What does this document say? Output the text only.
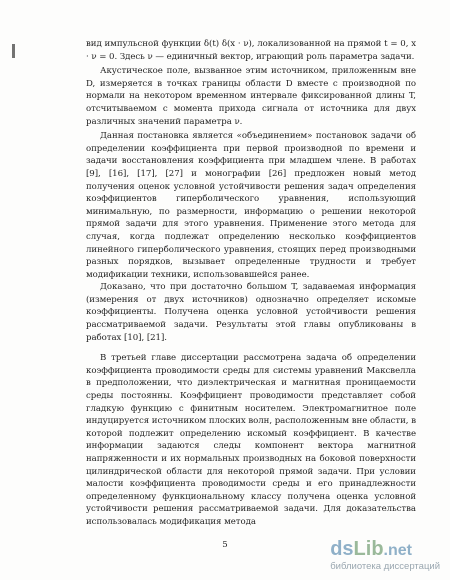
вид импульсной функции δ(t) δ(x · ν), локализованной на прямой t = 0, x · ν = 0. Здесь ν — единичный вектор, играющий роль параметра задачи.

Акустическое поле, вызванное этим источником, приложенным вне D, измеряется в точках границы области D вместе с производной по нормали на некотором временном интервале фиксированной длины T, отсчитываемом с момента прихода сигнала от источника для двух различных значений параметра ν.

Данная постановка является «объединением» постановок задачи об определении коэффициента при первой производной по времени и задачи восстановления коэффициента при младшем члене. В работах [9], [16], [17], [27] и монографии [26] предложен новый метод получения оценок условной устойчивости решения задач определения коэффициентов гиперболического уравнения, использующий минимальную, по размерности, информацию о решении некоторой прямой задачи для этого уравнения. Применение этого метода для случая, когда подлежат определению несколько коэффициентов линейного гиперболического уравнения, стоящих перед производными разных порядков, вызывает определенные трудности и требует модификации техники, использовавшейся ранее.

Доказано, что при достаточно большом T, задаваемая информация (измерения от двух источников) однозначно определяет искомые коэффициенты. Получена оценка условной устойчивости решения рассматриваемой задачи. Результаты этой главы опубликованы в работах [10], [21].

В третьей главе диссертации рассмотрена задача об определении коэффициента проводимости среды для системы уравнений Максвелла в предположении, что диэлектрическая и магнитная проницаемости среды постоянны. Коэффициент проводимости представляет собой гладкую функцию с финитным носителем. Электромагнитное поле индуцируется источником плоских волн, расположенным вне области, в которой подлежит определению искомый коэффициент. В качестве информации задаются следы компонент вектора магнитной напряженности и их нормальных производных на боковой поверхности цилиндрической области для некоторой прямой задачи. При условии малости коэффициента проводимости среды и его принадлежности определенному функциональному классу получена оценка условной устойчивости решения рассматриваемой задачи. Для доказательства использовалась модификация метода

5	ds Lib .net
библиотека диссертаций
